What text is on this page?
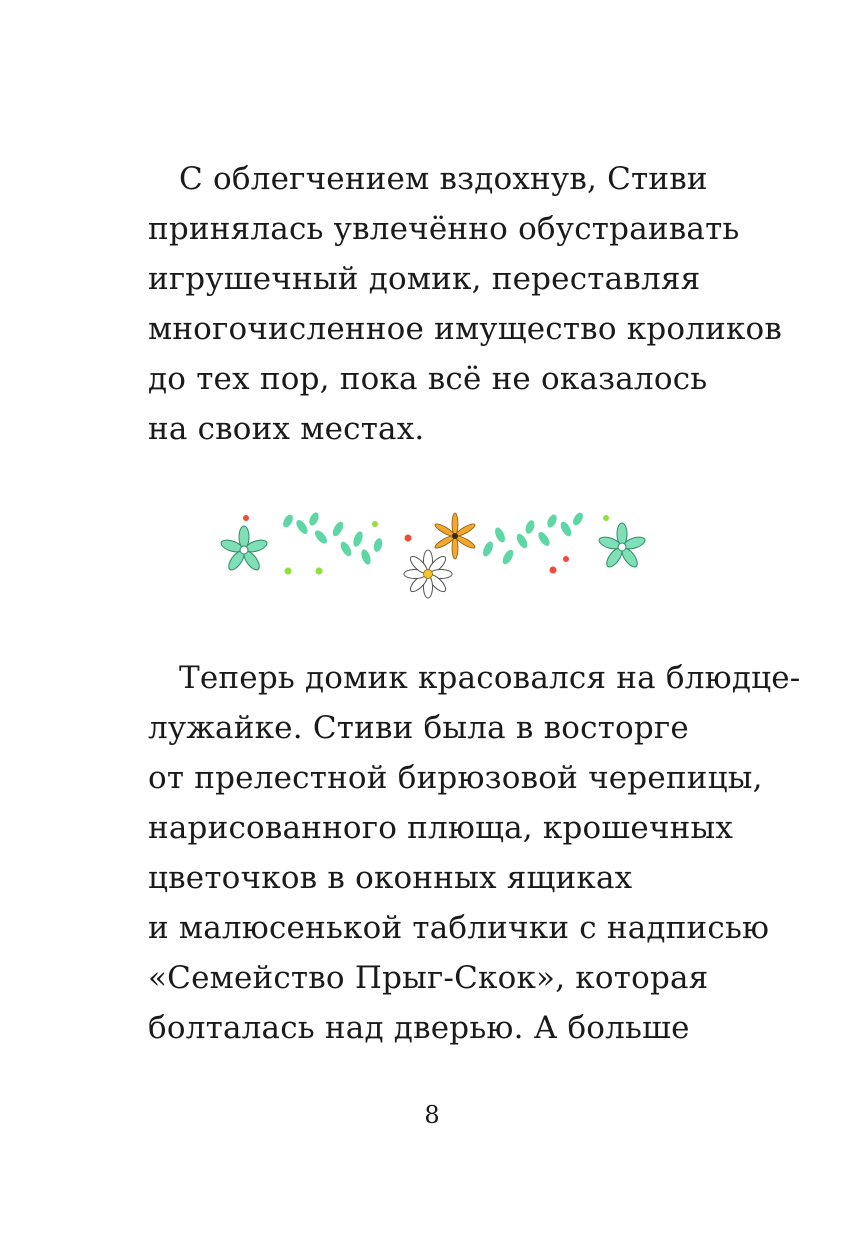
С облегчением вздохнув, Стиви
принялась увлечённо обустраивать
игрушечный домик, переставляя
многочисленное имущество кроликов
до тех пор, пока всё не оказалось
на своих местах.
Теперь домик красовался на блюдце-
лужайке. Стиви была в восторге
от прелестной бирюзовой черепицы,
нарисованного плюща, крошечных
цветочков в оконных ящиках
и малюсенькой таблички с надписью
«Семейство Прыг-Скок», которая
болталась над дверью. А больше
8
